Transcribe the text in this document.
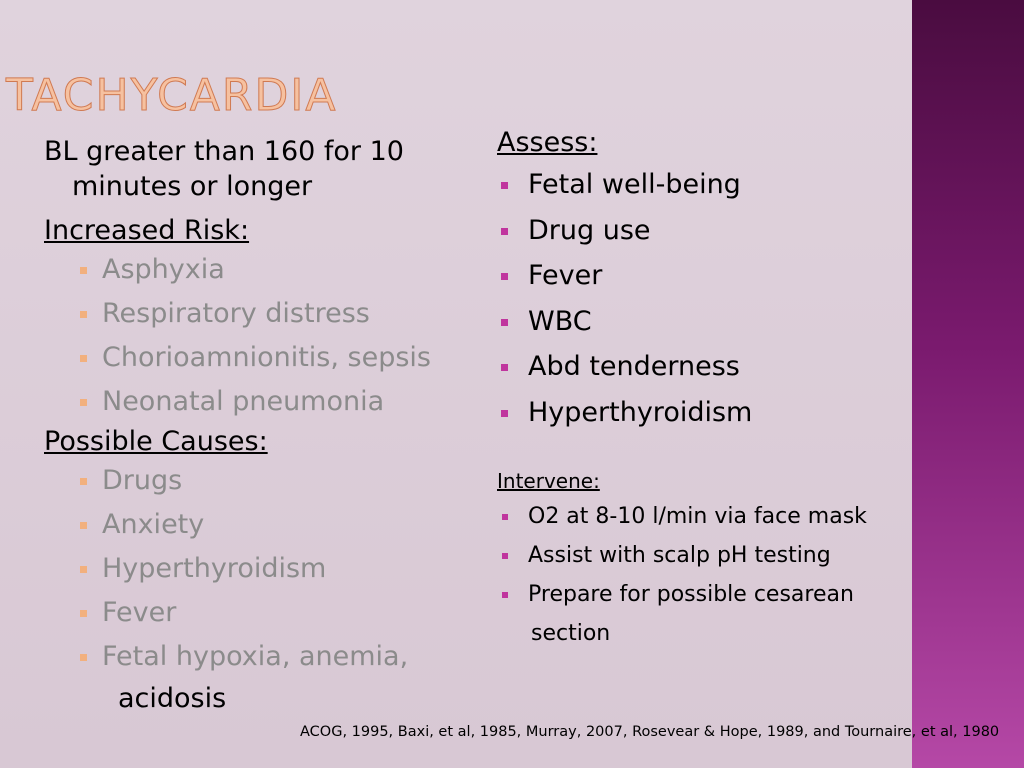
TACHYCARDIA
BL greater than 160 for 10
minutes or longer
Increased Risk:
Asphyxia
Respiratory distress
Chorioamnionitis, sepsis
Neonatal pneumonia
Possible Causes:
Drugs
Anxiety
Hyperthyroidism
Fever
Fetal hypoxia, anemia,
acidosis
Assess:
Fetal well-being
Drug use
Fever
WBC
Abd tenderness
Hyperthyroidism
Intervene:
O2 at 8-10 l/min via face mask
Assist with scalp pH testing
Prepare for possible cesarean
section
ACOG, 1995, Baxi, et al, 1985, Murray, 2007, Rosevear & Hope, 1989, and Tournaire, et al, 1980
